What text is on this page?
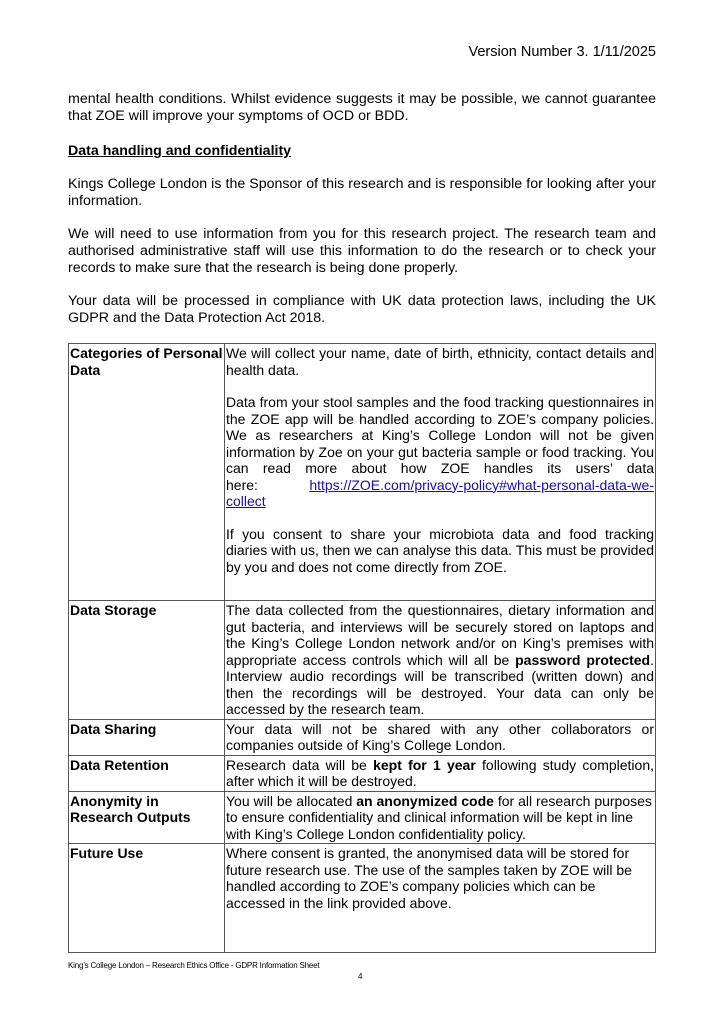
Version Number 3. 1/11/2025

mental health conditions. Whilst evidence suggests it may be possible, we cannot guarantee that ZOE will improve your symptoms of OCD or BDD.

Data handling and confidentiality

Kings College London is the Sponsor of this research and is responsible for looking after your information.

We will need to use information from you for this research project. The research team and authorised administrative staff will use this information to do the research or to check your records to make sure that the research is being done properly.

Your data will be processed in compliance with UK data protection laws, including the UK GDPR and the Data Protection Act 2018.

Categories of Personal Data	We will collect your name, date of birth, ethnicity, contact details and health data.

Data from your stool samples and the food tracking questionnaires in the ZOE app will be handled according to ZOE’s company policies. We as researchers at King’s College London will not be given information by Zoe on your gut bacteria sample or food tracking. You can read more about how ZOE handles its users’ data here: https://ZOE.com/privacy-policy#what-personal-data-we-collect

If you consent to share your microbiota data and food tracking diaries with us, then we can analyse this data. This must be provided by you and does not come directly from ZOE.

Data Storage	The data collected from the questionnaires, dietary information and gut bacteria, and interviews will be securely stored on laptops and the King’s College London network and/or on King’s premises with appropriate access controls which will all be password protected. Interview audio recordings will be transcribed (written down) and then the recordings will be destroyed. Your data can only be accessed by the research team.
Data Sharing	Your data will not be shared with any other collaborators or companies outside of King’s College London.
Data Retention	Research data will be kept for 1 year following study completion, after which it will be destroyed.
Anonymity in Research Outputs	You will be allocated an anonymized code for all research purposes to ensure confidentiality and clinical information will be kept in line with King’s College London confidentiality policy.
Future Use	Where consent is granted, the anonymised data will be stored for future research use. The use of the samples taken by ZOE will be handled according to ZOE’s company policies which can be accessed in the link provided above.
King’s College London – Research Ethics Office - GDPR Information Sheet
4
